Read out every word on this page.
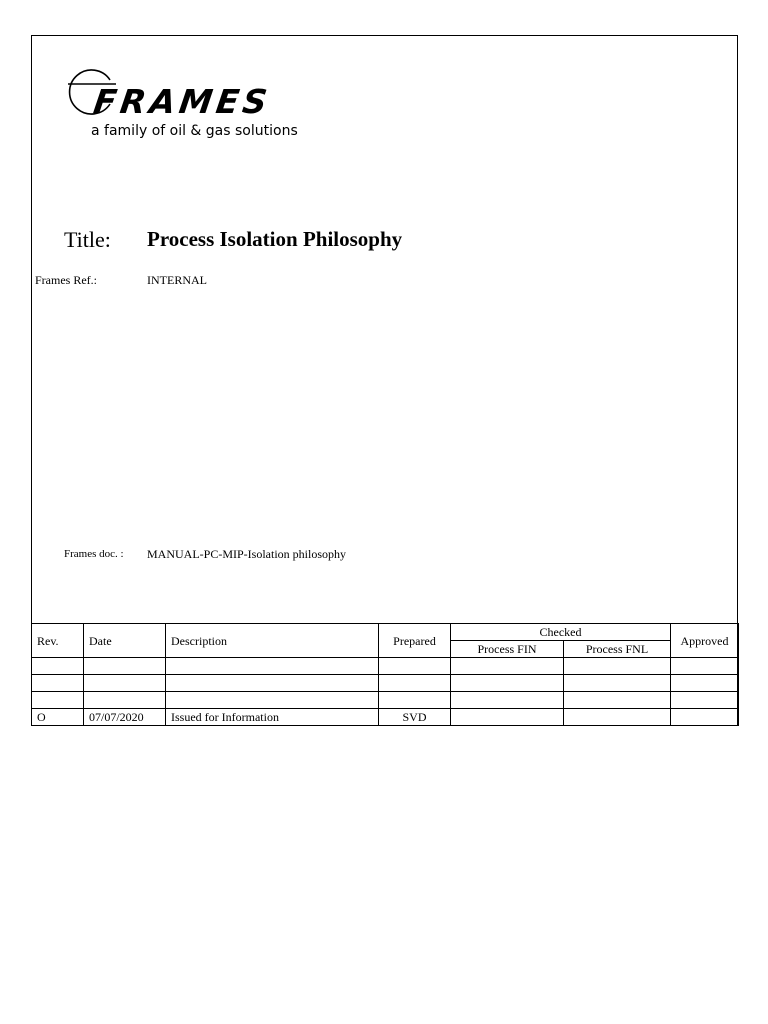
FRAMES
a family of oil & gas solutions
Title: Process Isolation Philosophy
Frames Ref.:	INTERNAL
Frames doc. : MANUAL-PC-MIP-Isolation philosophy
Rev.	Date	Description	Prepared	Checked		Approved
				Process FIN	Process FNL	

O	07/07/2020	Issued for Information	SVD			
